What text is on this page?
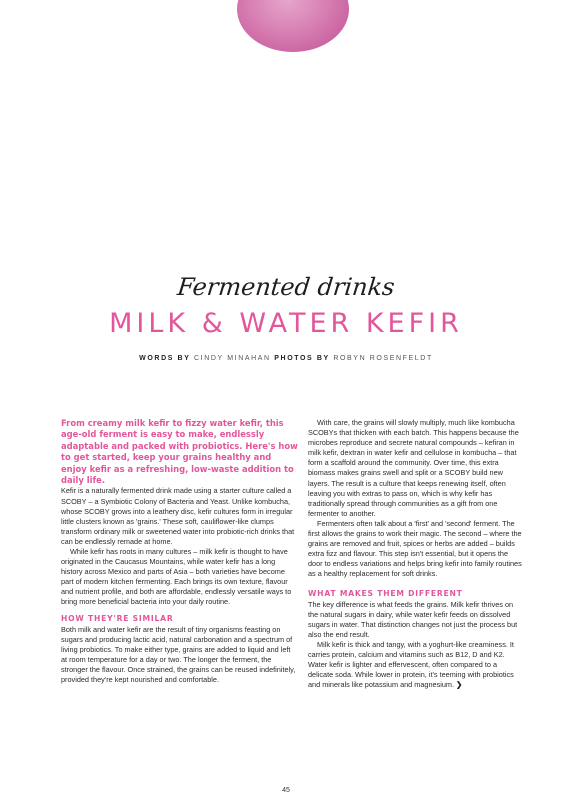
Fermented drinks
MILK & WATER KEFIR
WORDS BY CINDY MINAHAN PHOTOS BY ROBYN ROSENFELDT

From creamy milk kefir to fizzy water kefir, this age-old ferment is easy to make, endlessly adaptable and packed with probiotics. Here's how to get started, keep your grains healthy and enjoy kefir as a refreshing, low-waste addition to daily life.

Kefir is a naturally fermented drink made using a starter culture called a SCOBY – a Symbiotic Colony of Bacteria and Yeast. Unlike kombucha, whose SCOBY grows into a leathery disc, kefir cultures form in irregular little clusters known as 'grains.' These soft, cauliflower-like clumps transform ordinary milk or sweetened water into probiotic-rich drinks that can be endlessly remade at home.

While kefir has roots in many cultures – milk kefir is thought to have originated in the Caucasus Mountains, while water kefir has a long history across Mexico and parts of Asia – both varieties have become part of modern kitchen fermenting. Each brings its own texture, flavour and nutrient profile, and both are affordable, endlessly versatile ways to bring more beneficial bacteria into your daily routine.

HOW THEY'RE SIMILAR

Both milk and water kefir are the result of tiny organisms feasting on sugars and producing lactic acid, natural carbonation and a spectrum of living probiotics. To make either type, grains are added to liquid and left at room temperature for a day or two. The longer the ferment, the stronger the flavour. Once strained, the grains can be reused indefinitely, provided they're kept nourished and comfortable.

With care, the grains will slowly multiply, much like kombucha SCOBYs that thicken with each batch. This happens because the microbes reproduce and secrete natural compounds – kefiran in milk kefir, dextran in water kefir and cellulose in kombucha – that form a scaffold around the community. Over time, this extra biomass makes grains swell and split or a SCOBY build new layers. The result is a culture that keeps renewing itself, often leaving you with extras to pass on, which is why kefir has traditionally spread through communities as a gift from one fermenter to another.

Fermenters often talk about a 'first' and 'second' ferment. The first allows the grains to work their magic. The second – where the grains are removed and fruit, spices or herbs are added – builds extra fizz and flavour. This step isn't essential, but it opens the door to endless variations and helps bring kefir into family routines as a healthy replacement for soft drinks.

WHAT MAKES THEM DIFFERENT

The key difference is what feeds the grains. Milk kefir thrives on the natural sugars in dairy, while water kefir feeds on dissolved sugars in water. That distinction changes not just the process but also the end result.

Milk kefir is thick and tangy, with a yoghurt-like creaminess. It carries protein, calcium and vitamins such as B12, D and K2. Water kefir is lighter and effervescent, often compared to a delicate soda. While lower in protein, it's teeming with probiotics and minerals like potassium and magnesium. ❯

45
